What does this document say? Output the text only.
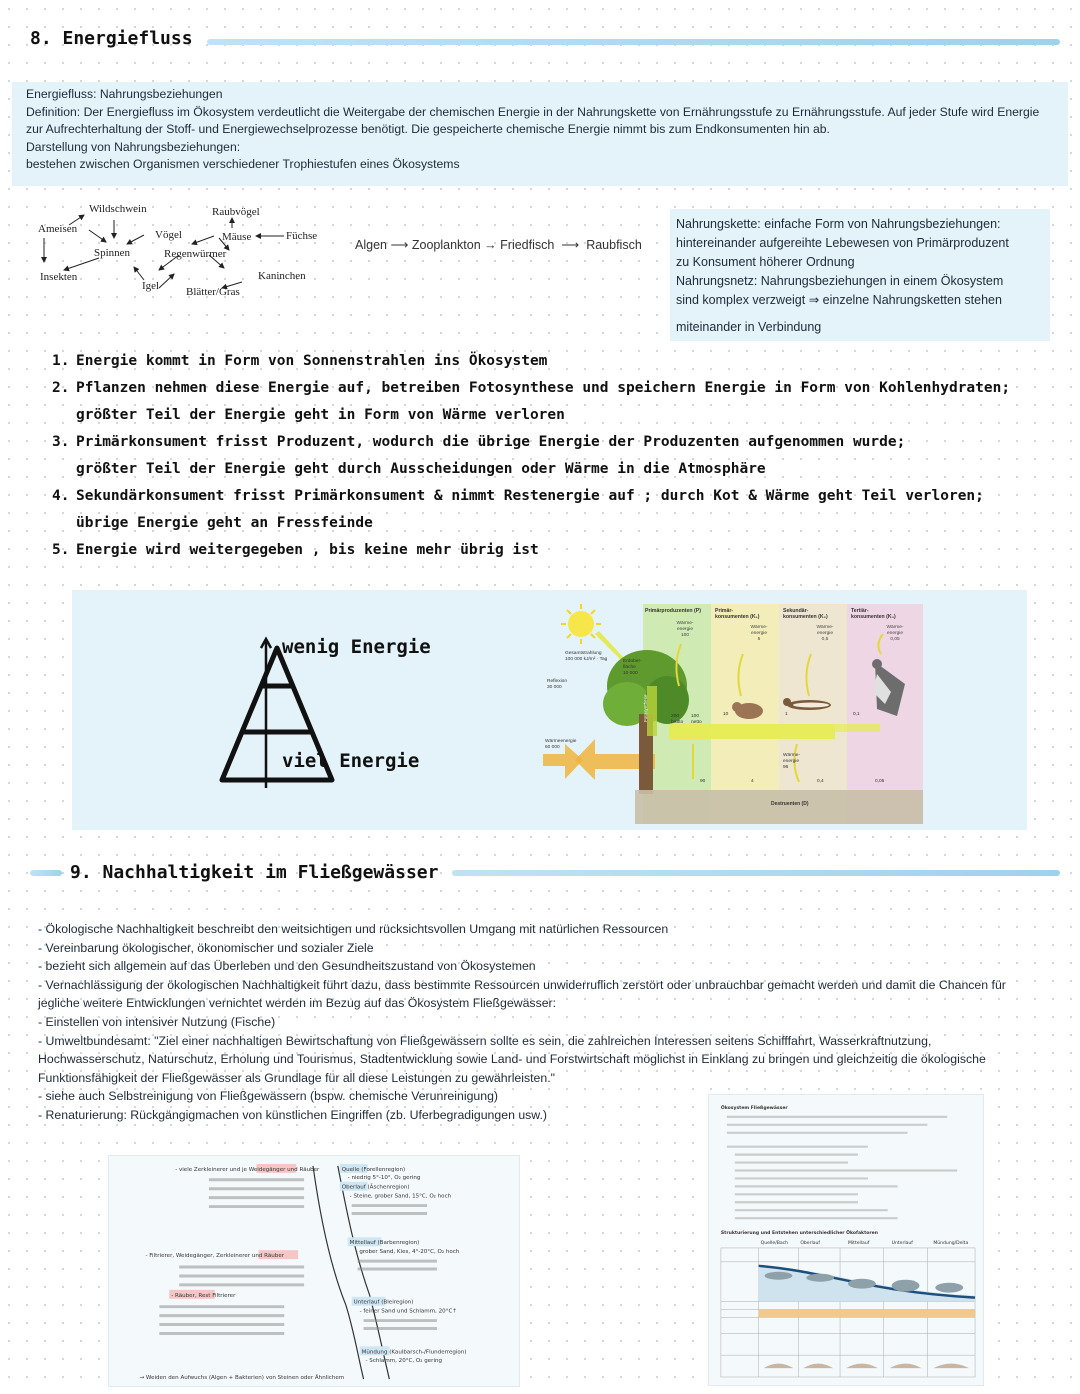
8. Energiefluss

Energiefluss: Nahrungsbeziehungen

Definition: Der Energiefluss im Ökosystem verdeutlicht die Weitergabe der chemischen Energie in der Nahrungskette von Ernährungsstufe zu Ernährungsstufe. Auf jeder Stufe wird Energie zur Aufrechterhaltung der Stoff- und Energiewechselprozesse benötigt. Die gespeicherte chemische Energie nimmt bis zum Endkonsumenten hin ab.

Darstellung von Nahrungsbeziehungen:

bestehen zwischen Organismen verschiedener Trophiestufen eines Ökosystems

Wildschwein	Raubvögel
Ameisen	Vögel	Mäuse	Füchse
Spinnen	Regenwürmer
Insekten
Igel
Kaninchen
Blätter/Gras
Algen ⟶ Zooplankton → Friedfisch  ⟶  Raubfisch
Nahrungskette: einfache Form von Nahrungsbeziehungen:
hintereinander aufgereihte Lebewesen von Primärproduzent
zu Konsument höherer Ordnung
Nahrungsnetz: Nahrungsbeziehungen in einem Ökosystem
sind komplex verzweigt ⇒ einzelne Nahrungsketten stehen
miteinander in Verbindung
1. Energie kommt in Form von Sonnenstrahlen ins Ökosystem
2. Pflanzen nehmen diese Energie auf, betreiben Fotosynthese und speichern Energie in Form von Kohlenhydraten;
größter Teil der Energie geht in Form von Wärme verloren
3. Primärkonsument frisst Produzent, wodurch die übrige Energie der Produzenten aufgenommen wurde;
größter Teil der Energie geht durch Ausscheidungen oder Wärme in die Atmosphäre
4. Sekundärkonsument frisst Primärkonsument & nimmt Restenergie auf ; durch Kot & Wärme geht Teil verloren;
übrige Energie geht an Fressfeinde
5. Energie wird weitergegeben , bis keine mehr übrig ist
wenig Energie
viel Energie
Primärproduzenten (P)	Primär-
konsumenten (K₁)
Sekundär-
konsumenten (K₂)
Tertiär-
konsumenten (K₃)
Wärme-
energie
100
Wärme-
energie
5
Wärme-
energie
0,5
Wärme-
energie
0,05
Gesamtstrahlung
100 000 kJ/m² · Tag	Erdober-
fläche
10 000
Reflexion
30 000
Wärmeenergie
60 000
200
brutto
100
netto
10	1	0,1
Wärme-
energie
96
90	4	0,4	0,05
Fotosynthese
Destruenten (D)
9. Nachhaltigkeit im Fließgewässer

- Ökologische Nachhaltigkeit beschreibt den weitsichtigen und rücksichtsvollen Umgang mit natürlichen Ressourcen

- Vereinbarung ökologischer, ökonomischer und sozialer Ziele

- bezieht sich allgemein auf das Überleben und den Gesundheitszustand von Ökosystemen

- Vernachlässigung der ökologischen Nachhaltigkeit führt dazu, dass bestimmte Ressourcen unwiderruflich zerstört oder unbrauchbar gemacht werden und damit die Chancen für jegliche weitere Entwicklungen vernichtet werden im Bezug auf das Ökosystem Fließgewässer:

- Einstellen von intensiver Nutzung (Fische)

- Umweltbundesamt: "Ziel einer nachhaltigen Bewirtschaftung von Fließgewässern sollte es sein, die zahlreichen Interessen seitens Schifffahrt, Wasserkraftnutzung, Hochwasserschutz, Naturschutz, Erholung und Tourismus, Stadtentwicklung sowie Land- und Forstwirtschaft möglichst in Einklang zu bringen und gleichzeitig die ökologische Funktionsfähigkeit der Fließgewässer als Grundlage für all diese Leistungen zu gewährleisten."

- siehe auch Selbstreinigung von Fließgewässern (bspw. chemische Verunreinigung)

- Renaturierung: Rückgängigmachen von künstlichen Eingriffen (zb. Uferbegradigungen usw.)

Quelle (Forellenregion)
- niedrig 5°-10°, O₂ gering
Oberlauf (Äschenregion)
- Steine, grober Sand, 15°C, O₂ hoch
Mittellauf (Barbenregion)
- grober Sand, Kies, 4°-20°C, O₂ hoch
Unterlauf (Bleiregion)
- feiner Sand und Schlamm, 20°C↑
Mündung (Kaulbarsch-/Flunderregion)
- Schlamm, 20°C, O₂ gering
- viele Zerkleinerer und je Weidegänger und Räuber
- Filtrierer, Weidegänger, Zerkleinerer und Räuber
- Räuber, Rest Filtrierer
→ Weiden den Aufwuchs (Algen + Bakterien) von Steinen oder Ähnlichem
Ökosystem Fließgewässer
Strukturierung und Entstehen unterschiedlicher Ökofaktoren
Quelle/Bach	Oberlauf	Mittellauf	Unterlauf	Mündung/Delta
